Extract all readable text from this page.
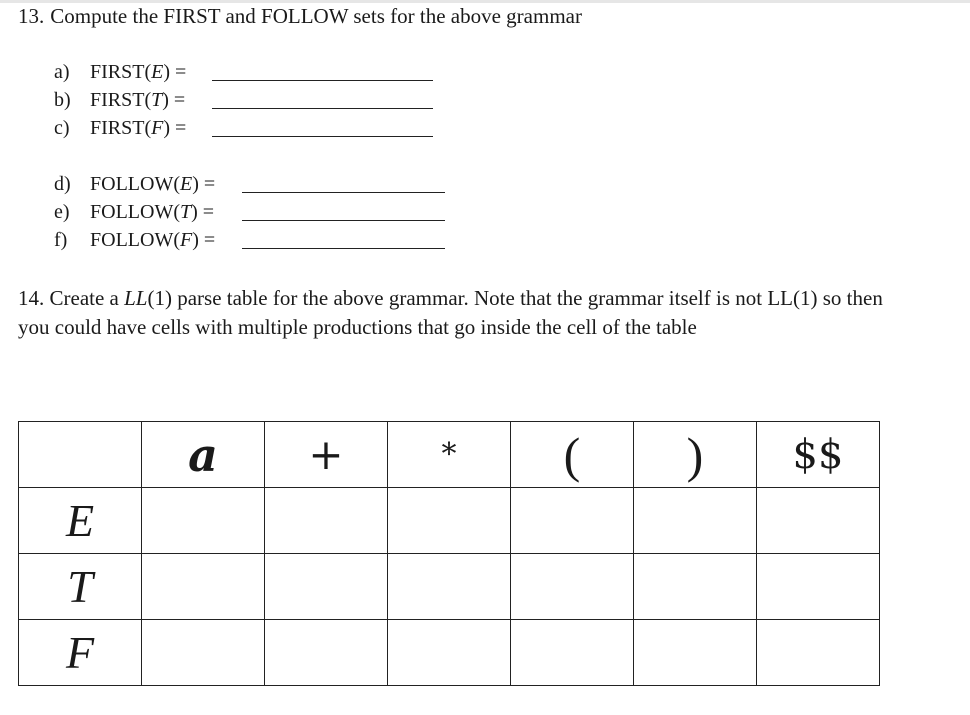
13. Compute the FIRST and FOLLOW sets for the above grammar
a) FIRST(E) =
b) FIRST(T) =
c) FIRST(F) =
d) FOLLOW(E) =
e) FOLLOW(T) =
f) FOLLOW(F) =
14. Create a LL(1) parse table for the above grammar. Note that the grammar itself is not LL(1) so then you could have cells with multiple productions that go inside the cell of the table
	a	+	*	(	)	$$
E						
T						
F						
